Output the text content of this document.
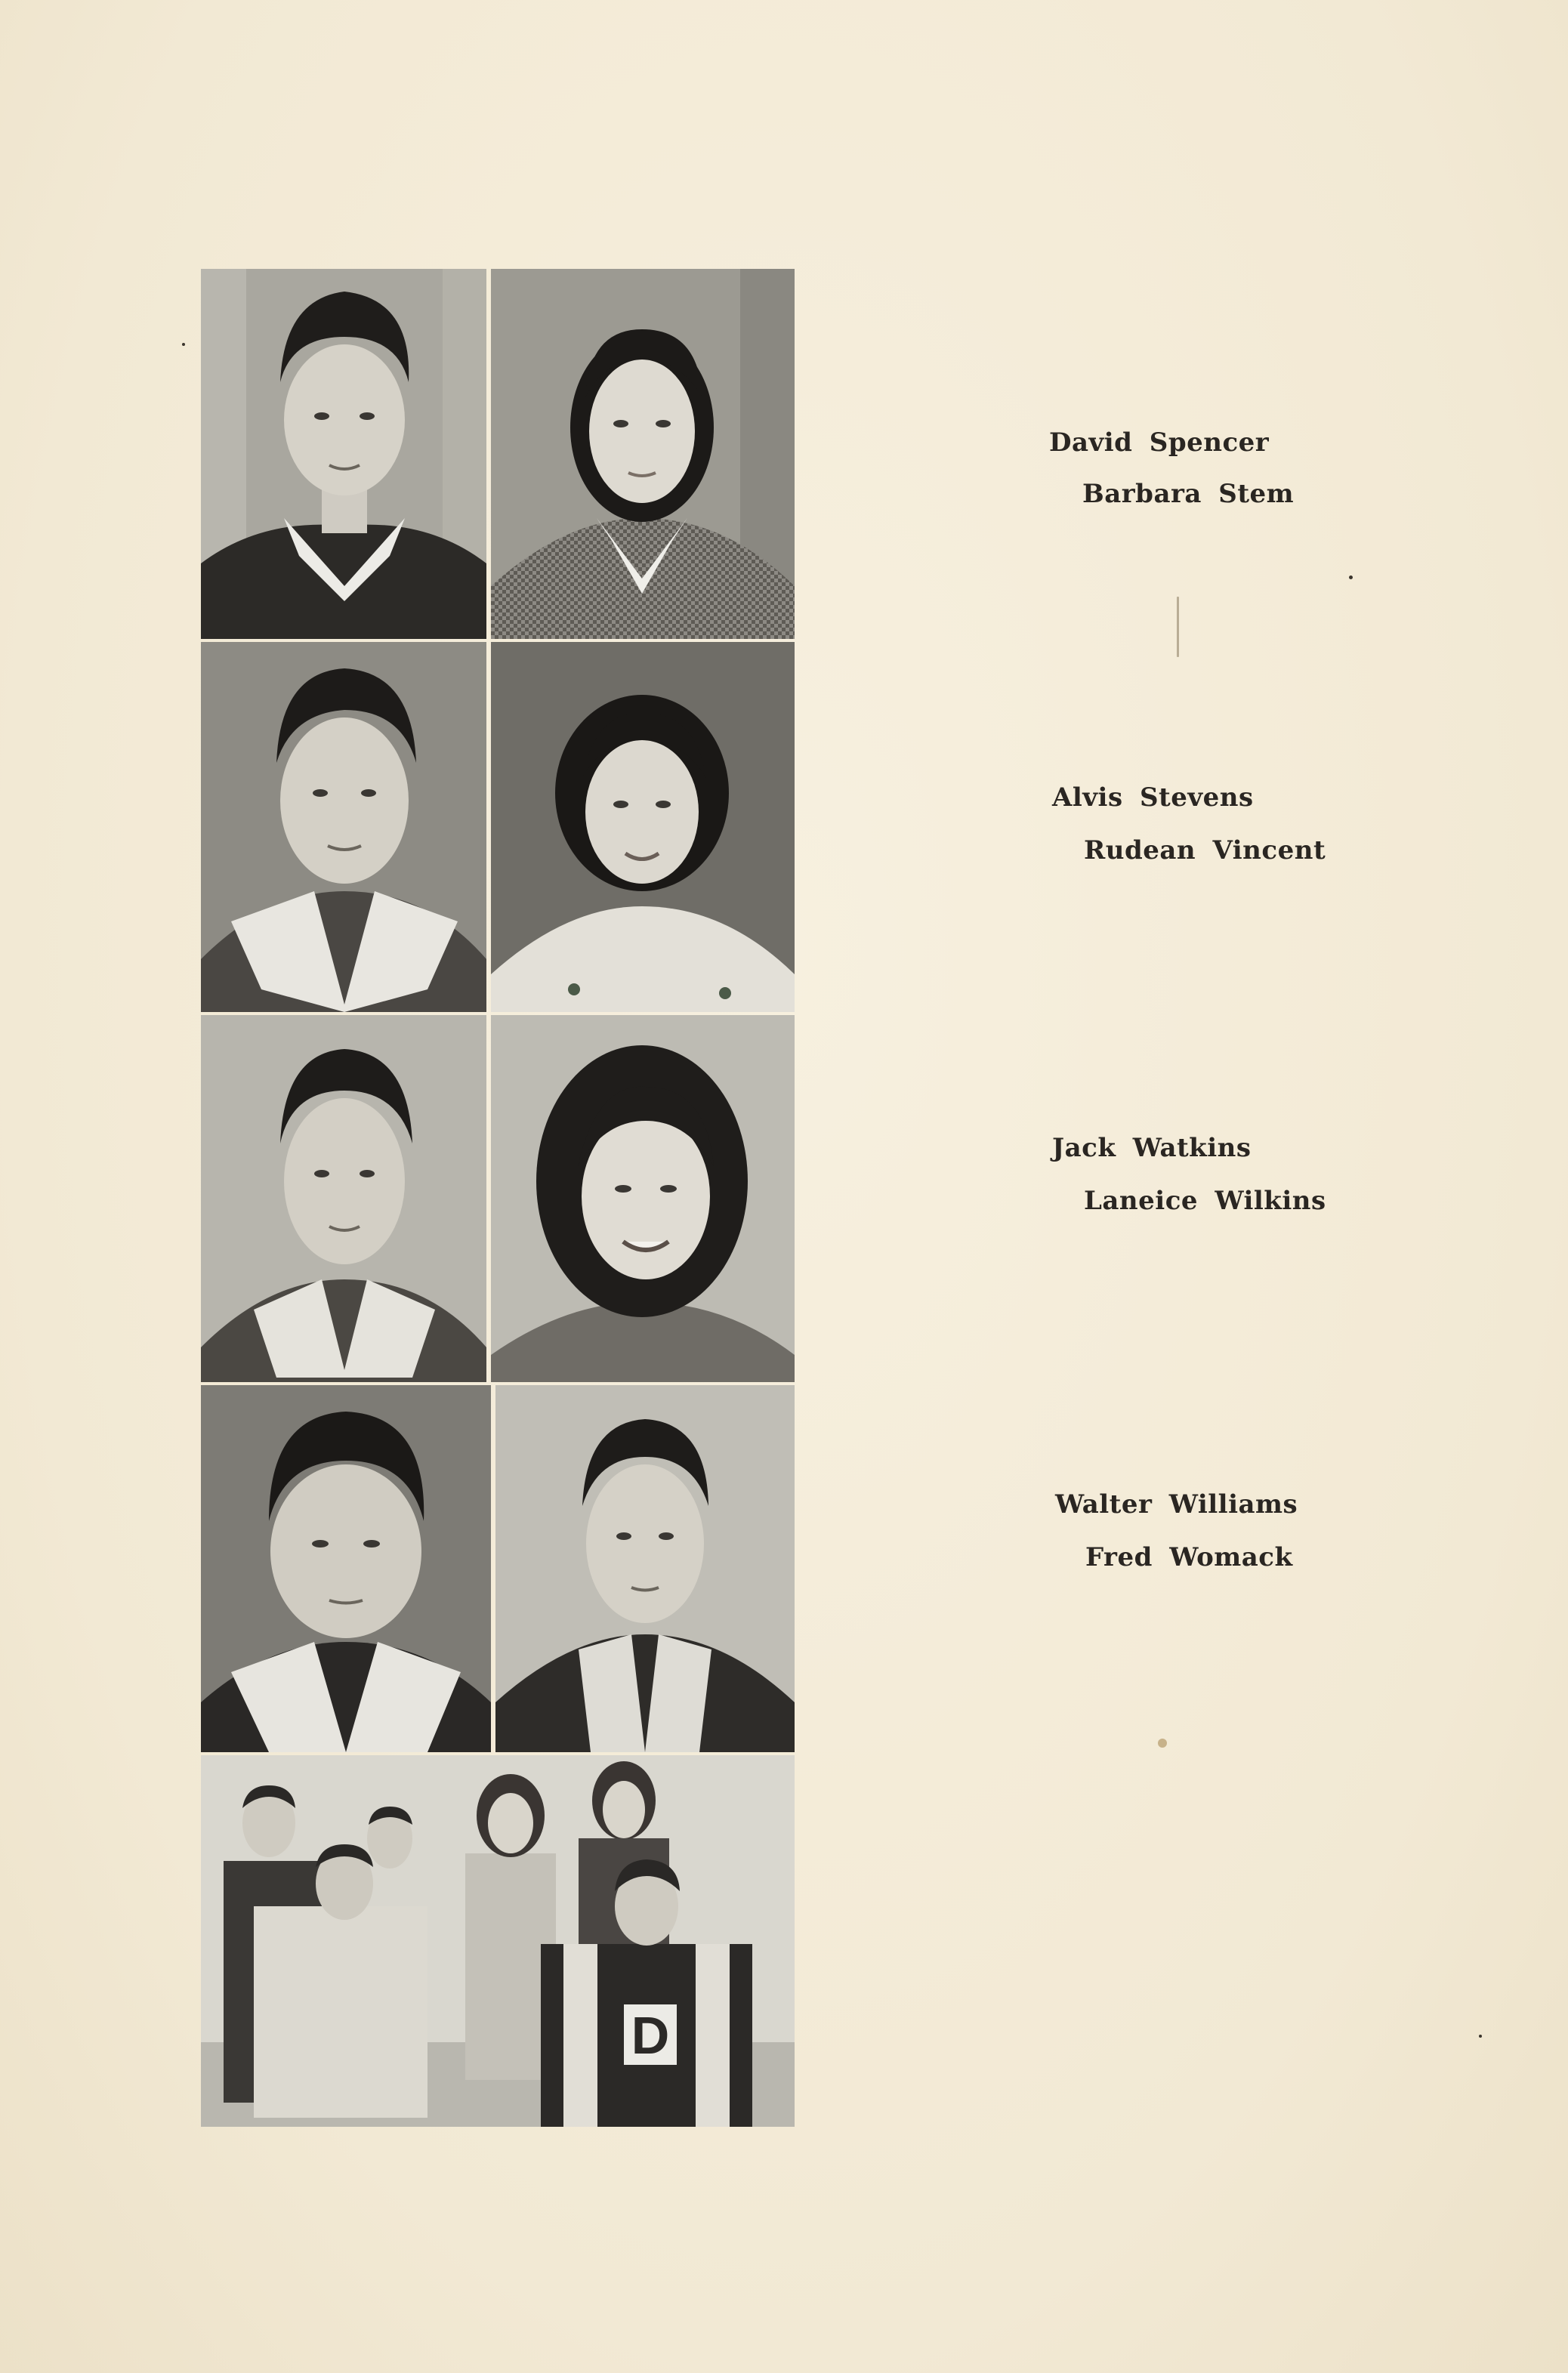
D
David Spencer
Barbara Stem
Alvis Stevens
Rudean Vincent
Jack Watkins
Laneice Wilkins
Walter Williams
Fred Womack
